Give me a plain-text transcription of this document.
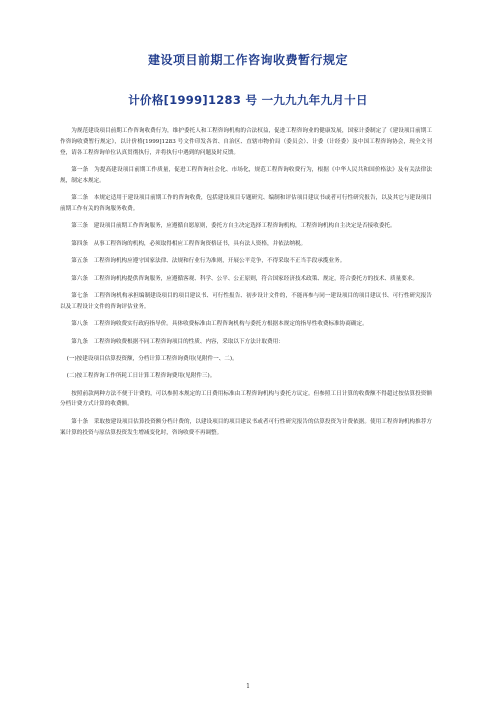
建设项目前期工作咨询收费暂行规定
计价格[1999]1283 号 一九九九年九月十日

为规范建设项目前期工作咨询收费行为，维护委托人和工程咨询机构的合法权益，促进工程咨询业的健康发展，国家计委制定了《建设项目前期工作咨询收费暂行规定》，以计价格[1999]1283 号文件印发各省、自治区、直辖市物价局（委员会）、计委（计经委）及中国工程咨询协会，现全文刊登，请各工程咨询单位认真贯彻执行，并将执行中遇到的问题及时反馈。

第一条　为提高建设项目前期工作质量，促进工程咨询社会化、市场化，规范工程咨询收费行为，根据《中华人民共和国价格法》及有关法律法规，制定本规定。

第二条　本规定适用于建设项目前期工作的咨询收费，包括建设项目专题研究、编制和评估项目建议书或者可行性研究报告，以及其它与建设项目前期工作有关的咨询服务收费。

第三条　建设项目前期工作咨询服务，应遵循自愿原则，委托方自主决定选择工程咨询机构，工程咨询机构自主决定是否接收委托。

第四条　从事工程咨询的机构，必须取得相应工程咨询资格证书，具有法人资格，并依法纳税。

第五条　工程咨询机构应遵守国家法律、法规和行业行为准则，开展公平竞争，不得采取不正当手段承揽业务。

第六条　工程咨询机构提供咨询服务，应遵循客观、科学、公平、公正原则，符合国家经济技术政策、规定，符合委托方的技术、质量要求。

第七条　工程咨询机构承担编制建设项目的项目建议书、可行性报告、初步设计文件的，不能再参与同一建设项目的项目建议书、可行性研究报告以及工程设计文件的咨询评估业务。

第八条　工程咨询收费实行政府指导价。具体收费标准由工程咨询机构与委托方根据本规定的指导性收费标准协商确定。

第九条　工程咨询收费根据不同工程咨询项目的性质、内容，采取以下方法计取费用：

(一)按建设项目估算投资额，分档计算工程咨询费用(见附件一、二)。

(二)按工程咨询工作所耗工日计算工程咨询费用(见附件三)。

按照前款两种方法不便于计费的，可以参照本规定的工日费用标准由工程咨询机构与委托方议定。但参照工日计算的收费额不得超过按估算投资额分档计费方式计算的收费额。

第十条　采取按建设项目估算投资额分档计费的，以建设项目的项目建议书或者可行性研究报告的估算投资为计费依据。使用工程咨询机构推荐方案计算的投资与原估算投资发生增减变化时，咨询收费不再调整。

1
